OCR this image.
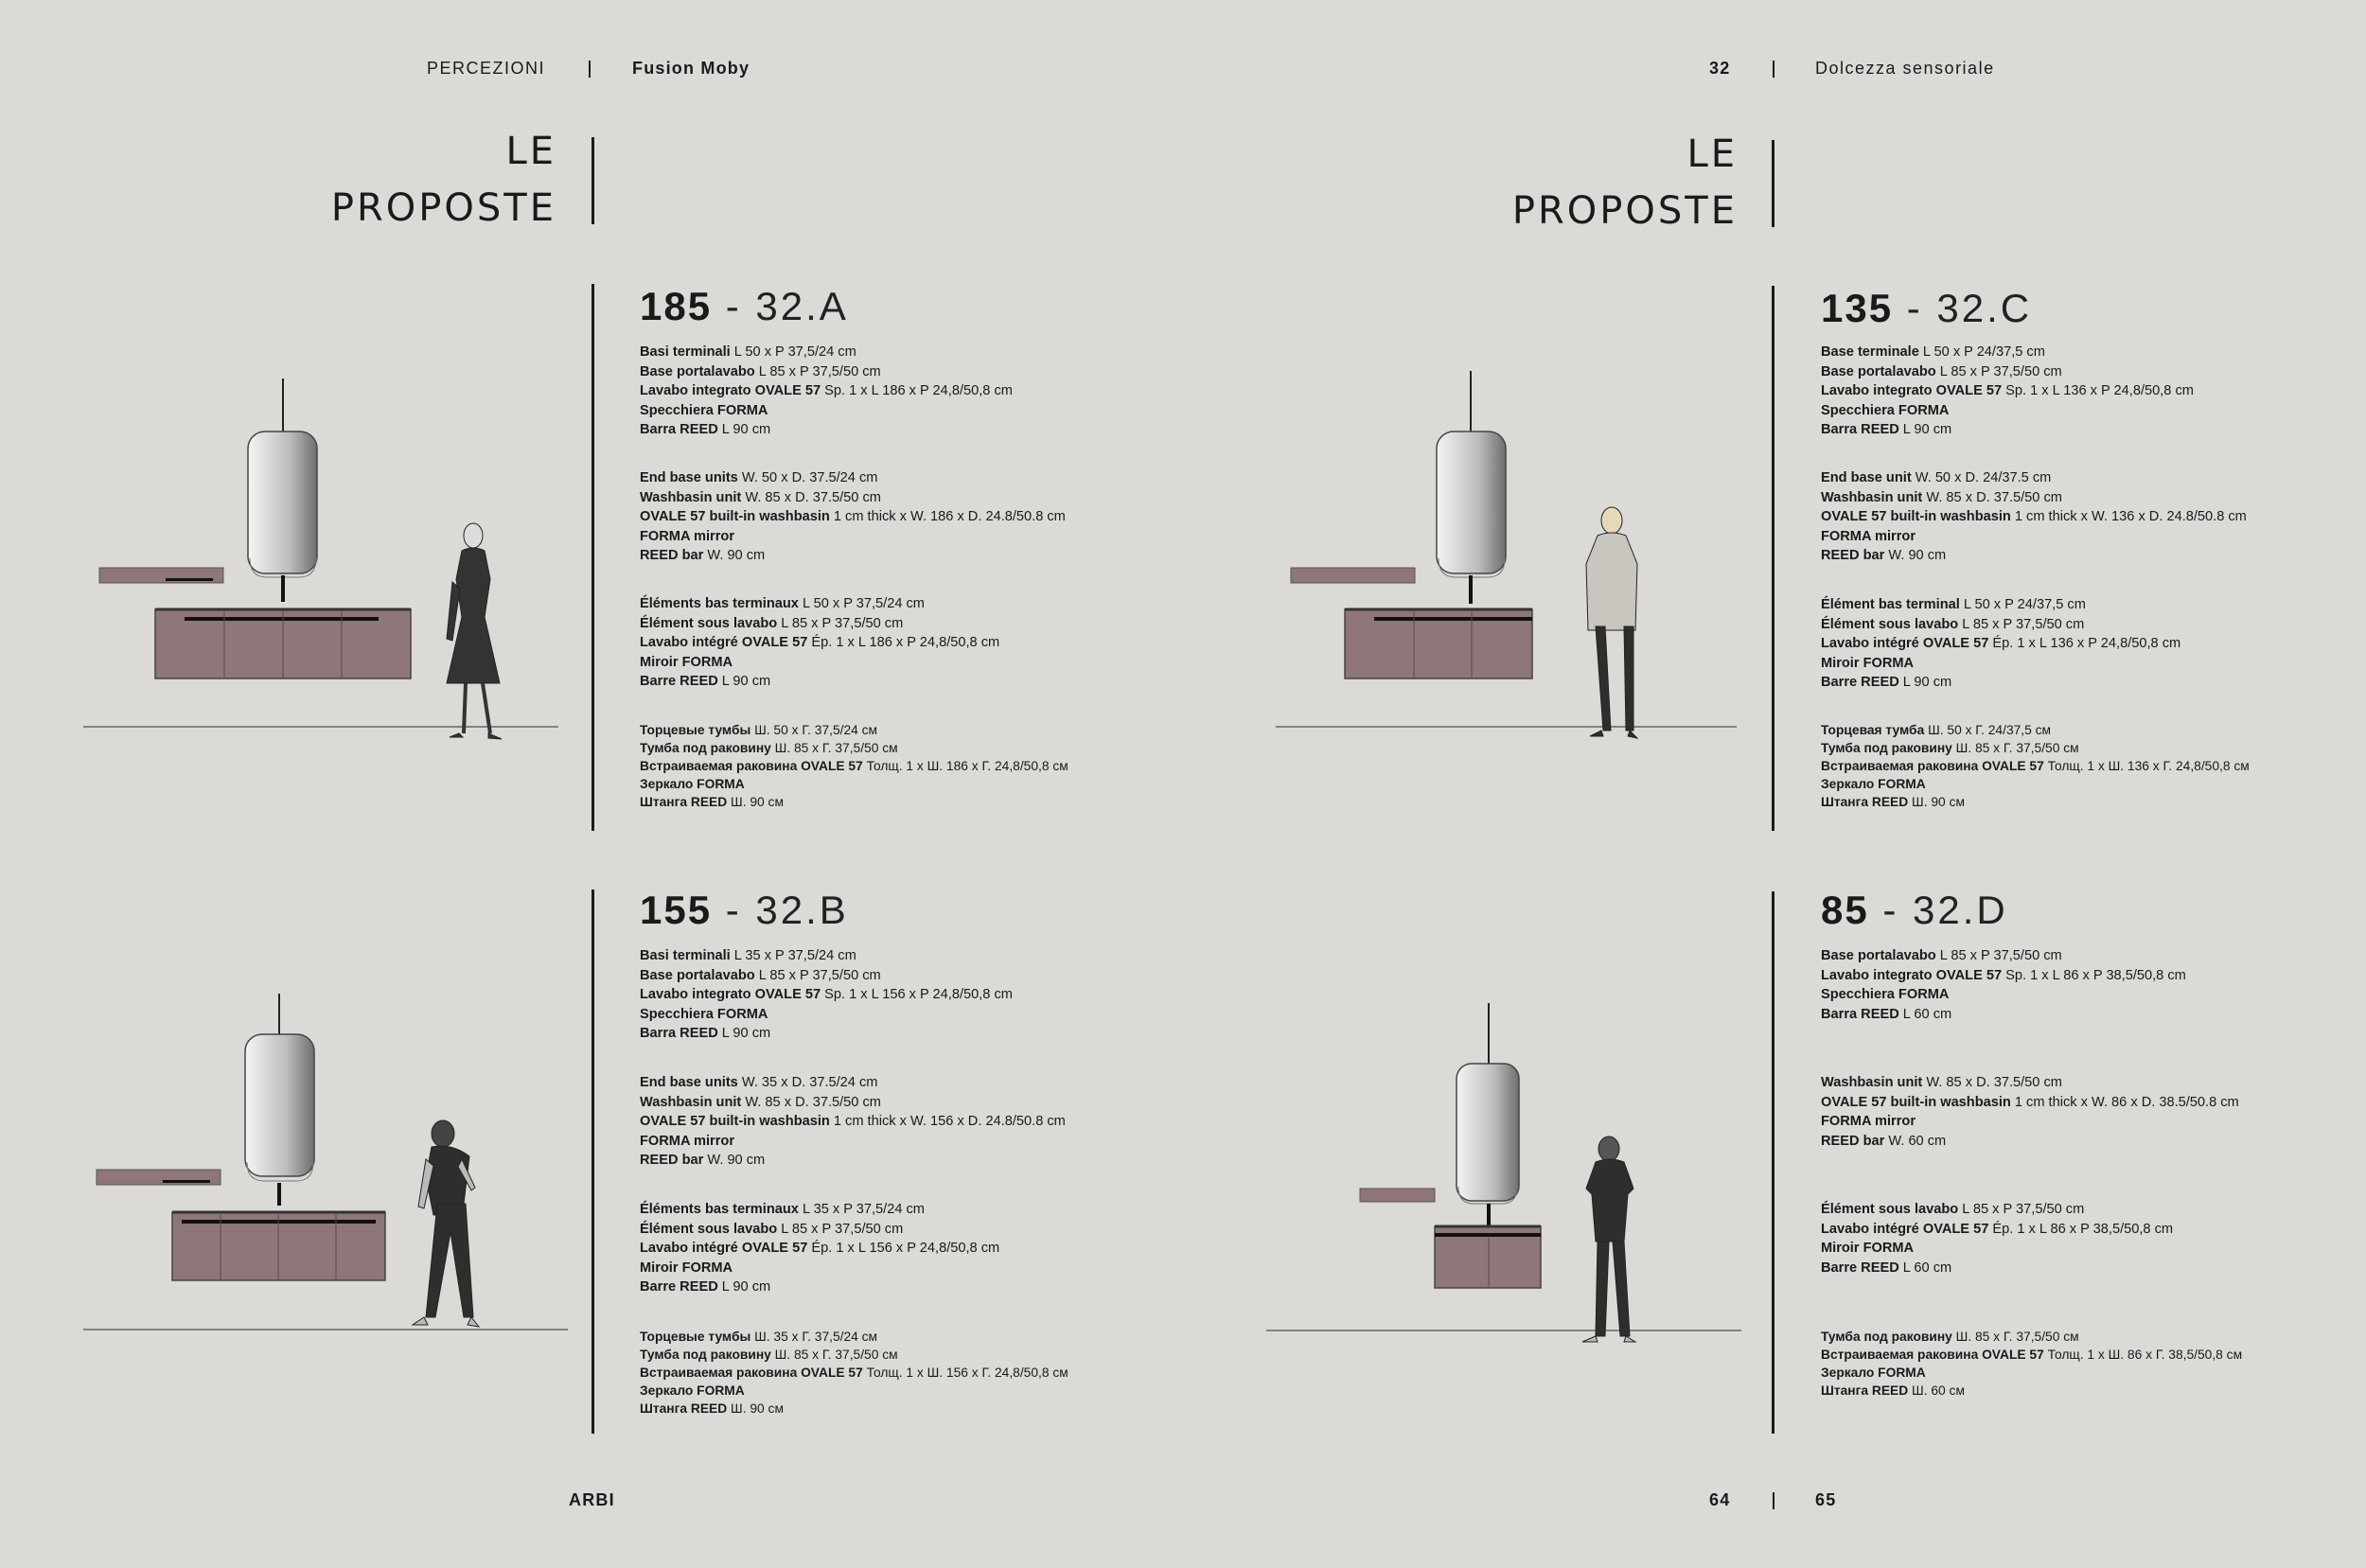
PERCEZIONI	Fusion Moby	32	Dolcezza sensoriale
LE
PROPOSTE
LE
PROPOSTE
185 - 32.A
Basi terminali L 50 x P 37,5/24 cm
Base portalavabo L 85 x P 37,5/50 cm
Lavabo integrato OVALE 57 Sp. 1 x L 186 x P 24,8/50,8 cm
Specchiera FORMA
Barra REED L 90 cm
End base units W. 50 x D. 37.5/24 cm
Washbasin unit W. 85 x D. 37.5/50 cm
OVALE 57 built-in washbasin 1 cm thick x W. 186 x D. 24.8/50.8 cm
FORMA mirror
REED bar W. 90 cm
Éléments bas terminaux L 50 x P 37,5/24 cm
Élément sous lavabo L 85 x P 37,5/50 cm
Lavabo intégré OVALE 57 Ép. 1 x L 186 x P 24,8/50,8 cm
Miroir FORMA
Barre REED L 90 cm
Торцевые тумбы Ш. 50 x Г. 37,5/24 см
Тумба под раковину Ш. 85 x Г. 37,5/50 см
Встраиваемая раковина OVALE 57 Толщ. 1 x Ш. 186 x Г. 24,8/50,8 см
Зеркало FORMA
Штанга REED Ш. 90 см
155 - 32.B
Basi terminali L 35 x P 37,5/24 cm
Base portalavabo L 85 x P 37,5/50 cm
Lavabo integrato OVALE 57 Sp. 1 x L 156 x P 24,8/50,8 cm
Specchiera FORMA
Barra REED L 90 cm
End base units W. 35 x D. 37.5/24 cm
Washbasin unit W. 85 x D. 37.5/50 cm
OVALE 57 built-in washbasin 1 cm thick x W. 156 x D. 24.8/50.8 cm
FORMA mirror
REED bar W. 90 cm
Éléments bas terminaux L 35 x P 37,5/24 cm
Élément sous lavabo L 85 x P 37,5/50 cm
Lavabo intégré OVALE 57 Ép. 1 x L 156 x P 24,8/50,8 cm
Miroir FORMA
Barre REED L 90 cm
Торцевые тумбы Ш. 35 x Г. 37,5/24 см
Тумба под раковину Ш. 85 x Г. 37,5/50 см
Встраиваемая раковина OVALE 57 Толщ. 1 x Ш. 156 x Г. 24,8/50,8 см
Зеркало FORMA
Штанга REED Ш. 90 см
135 - 32.C
Base terminale L 50 x P 24/37,5 cm
Base portalavabo L 85 x P 37,5/50 cm
Lavabo integrato OVALE 57 Sp. 1 x L 136 x P 24,8/50,8 cm
Specchiera FORMA
Barra REED L 90 cm
End base unit W. 50 x D. 24/37.5 cm
Washbasin unit W. 85 x D. 37.5/50 cm
OVALE 57 built-in washbasin 1 cm thick x W. 136 x D. 24.8/50.8 cm
FORMA mirror
REED bar W. 90 cm
Élément bas terminal L 50 x P 24/37,5 cm
Élément sous lavabo L 85 x P 37,5/50 cm
Lavabo intégré OVALE 57 Ép. 1 x L 136 x P 24,8/50,8 cm
Miroir FORMA
Barre REED L 90 cm
Торцевая тумба Ш. 50 x Г. 24/37,5 см
Тумба под раковину Ш. 85 x Г. 37,5/50 см
Встраиваемая раковина OVALE 57 Толщ. 1 x Ш. 136 x Г. 24,8/50,8 см
Зеркало FORMA
Штанга REED Ш. 90 см
85 - 32.D
Base portalavabo L 85 x P 37,5/50 cm
Lavabo integrato OVALE 57 Sp. 1 x L 86 x P 38,5/50,8 cm
Specchiera FORMA
Barra REED L 60 cm
Washbasin unit W. 85 x D. 37.5/50 cm
OVALE 57 built-in washbasin 1 cm thick x W. 86 x D. 38.5/50.8 cm
FORMA mirror
REED bar W. 60 cm
Élément sous lavabo L 85 x P 37,5/50 cm
Lavabo intégré OVALE 57 Ép. 1 x L 86 x P 38,5/50,8 cm
Miroir FORMA
Barre REED L 60 cm
Тумба под раковину Ш. 85 x Г. 37,5/50 см
Встраиваемая раковина OVALE 57 Толщ. 1 x Ш. 86 x Г. 38,5/50,8 см
Зеркало FORMA
Штанга REED Ш. 60 см
ARBI	64	65
